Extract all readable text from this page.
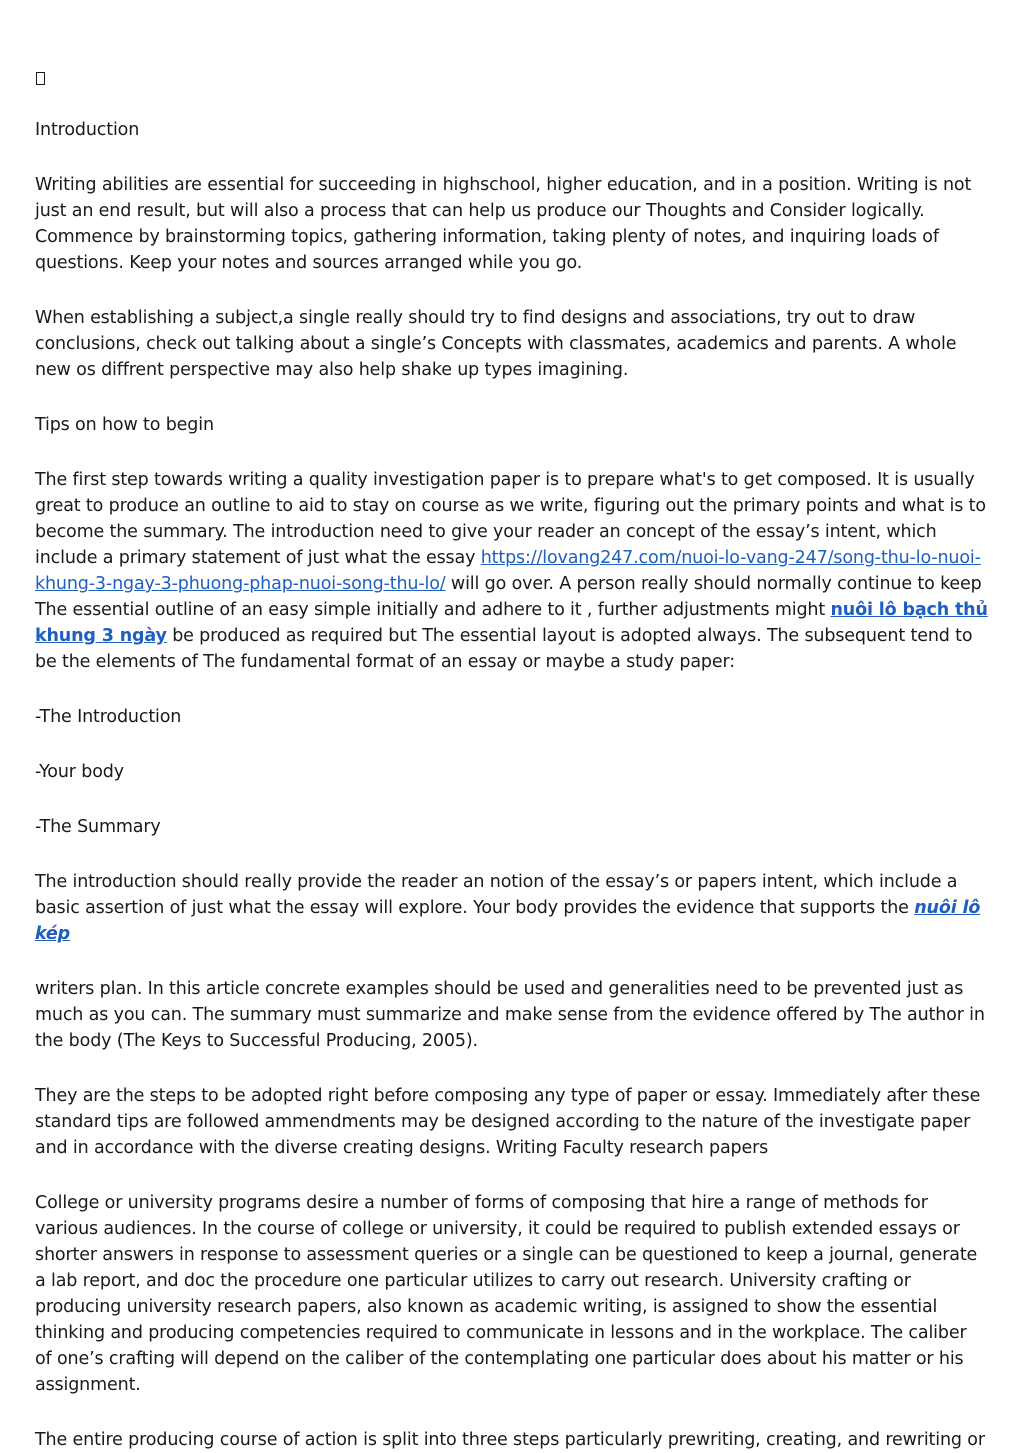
Introduction

Writing abilities are essential for succeeding in highschool, higher education, and in a position. Writing is not just an end result, but will also a process that can help us produce our Thoughts and Consider logically. Commence by brainstorming topics, gathering information, taking plenty of notes, and inquiring loads of questions. Keep your notes and sources arranged while you go.

When establishing a subject,a single really should try to find designs and associations, try out to draw conclusions, check out talking about a single’s Concepts with classmates, academics and parents. A whole new os diffrent perspective may also help shake up types imagining.

Tips on how to begin

The first step towards writing a quality investigation paper is to prepare what's to get composed. It is usually great to produce an outline to aid to stay on course as we write, figuring out the primary points and what is to become the summary. The introduction need to give your reader an concept of the essay’s intent, which include a primary statement of just what the essay https://lovang247.com/nuoi-lo-vang-247/song-thu-lo-nuoi-khung-3-ngay-3-phuong-phap-nuoi-song-thu-lo/ will go over. A person really should normally continue to keep The essential outline of an easy simple initially and adhere to it , further adjustments might nuôi lô bạch thủ khung 3 ngày be produced as required but The essential layout is adopted always. The subsequent tend to be the elements of The fundamental format of an essay or maybe a study paper:

-The Introduction

-Your body

-The Summary

The introduction should really provide the reader an notion of the essay’s or papers intent, which include a basic assertion of just what the essay will explore. Your body provides the evidence that supports the nuôi lô kép

writers plan. In this article concrete examples should be used and generalities need to be prevented just as much as you can. The summary must summarize and make sense from the evidence offered by The author in the body (The Keys to Successful Producing, 2005).

They are the steps to be adopted right before composing any type of paper or essay. Immediately after these standard tips are followed ammendments may be designed according to the nature of the investigate paper and in accordance with the diverse creating designs. Writing Faculty research papers

College or university programs desire a number of forms of composing that hire a range of methods for various audiences. In the course of college or university, it could be required to publish extended essays or shorter answers in response to assessment queries or a single can be questioned to keep a journal, generate a lab report, and doc the procedure one particular utilizes to carry out research. University crafting or producing university research papers, also known as academic writing, is assigned to show the essential thinking and producing competencies required to communicate in lessons and in the workplace. The caliber of one’s crafting will depend on the caliber of the contemplating one particular does about his matter or his assignment.

The entire producing course of action is split into three steps particularly prewriting, creating, and rewriting or
